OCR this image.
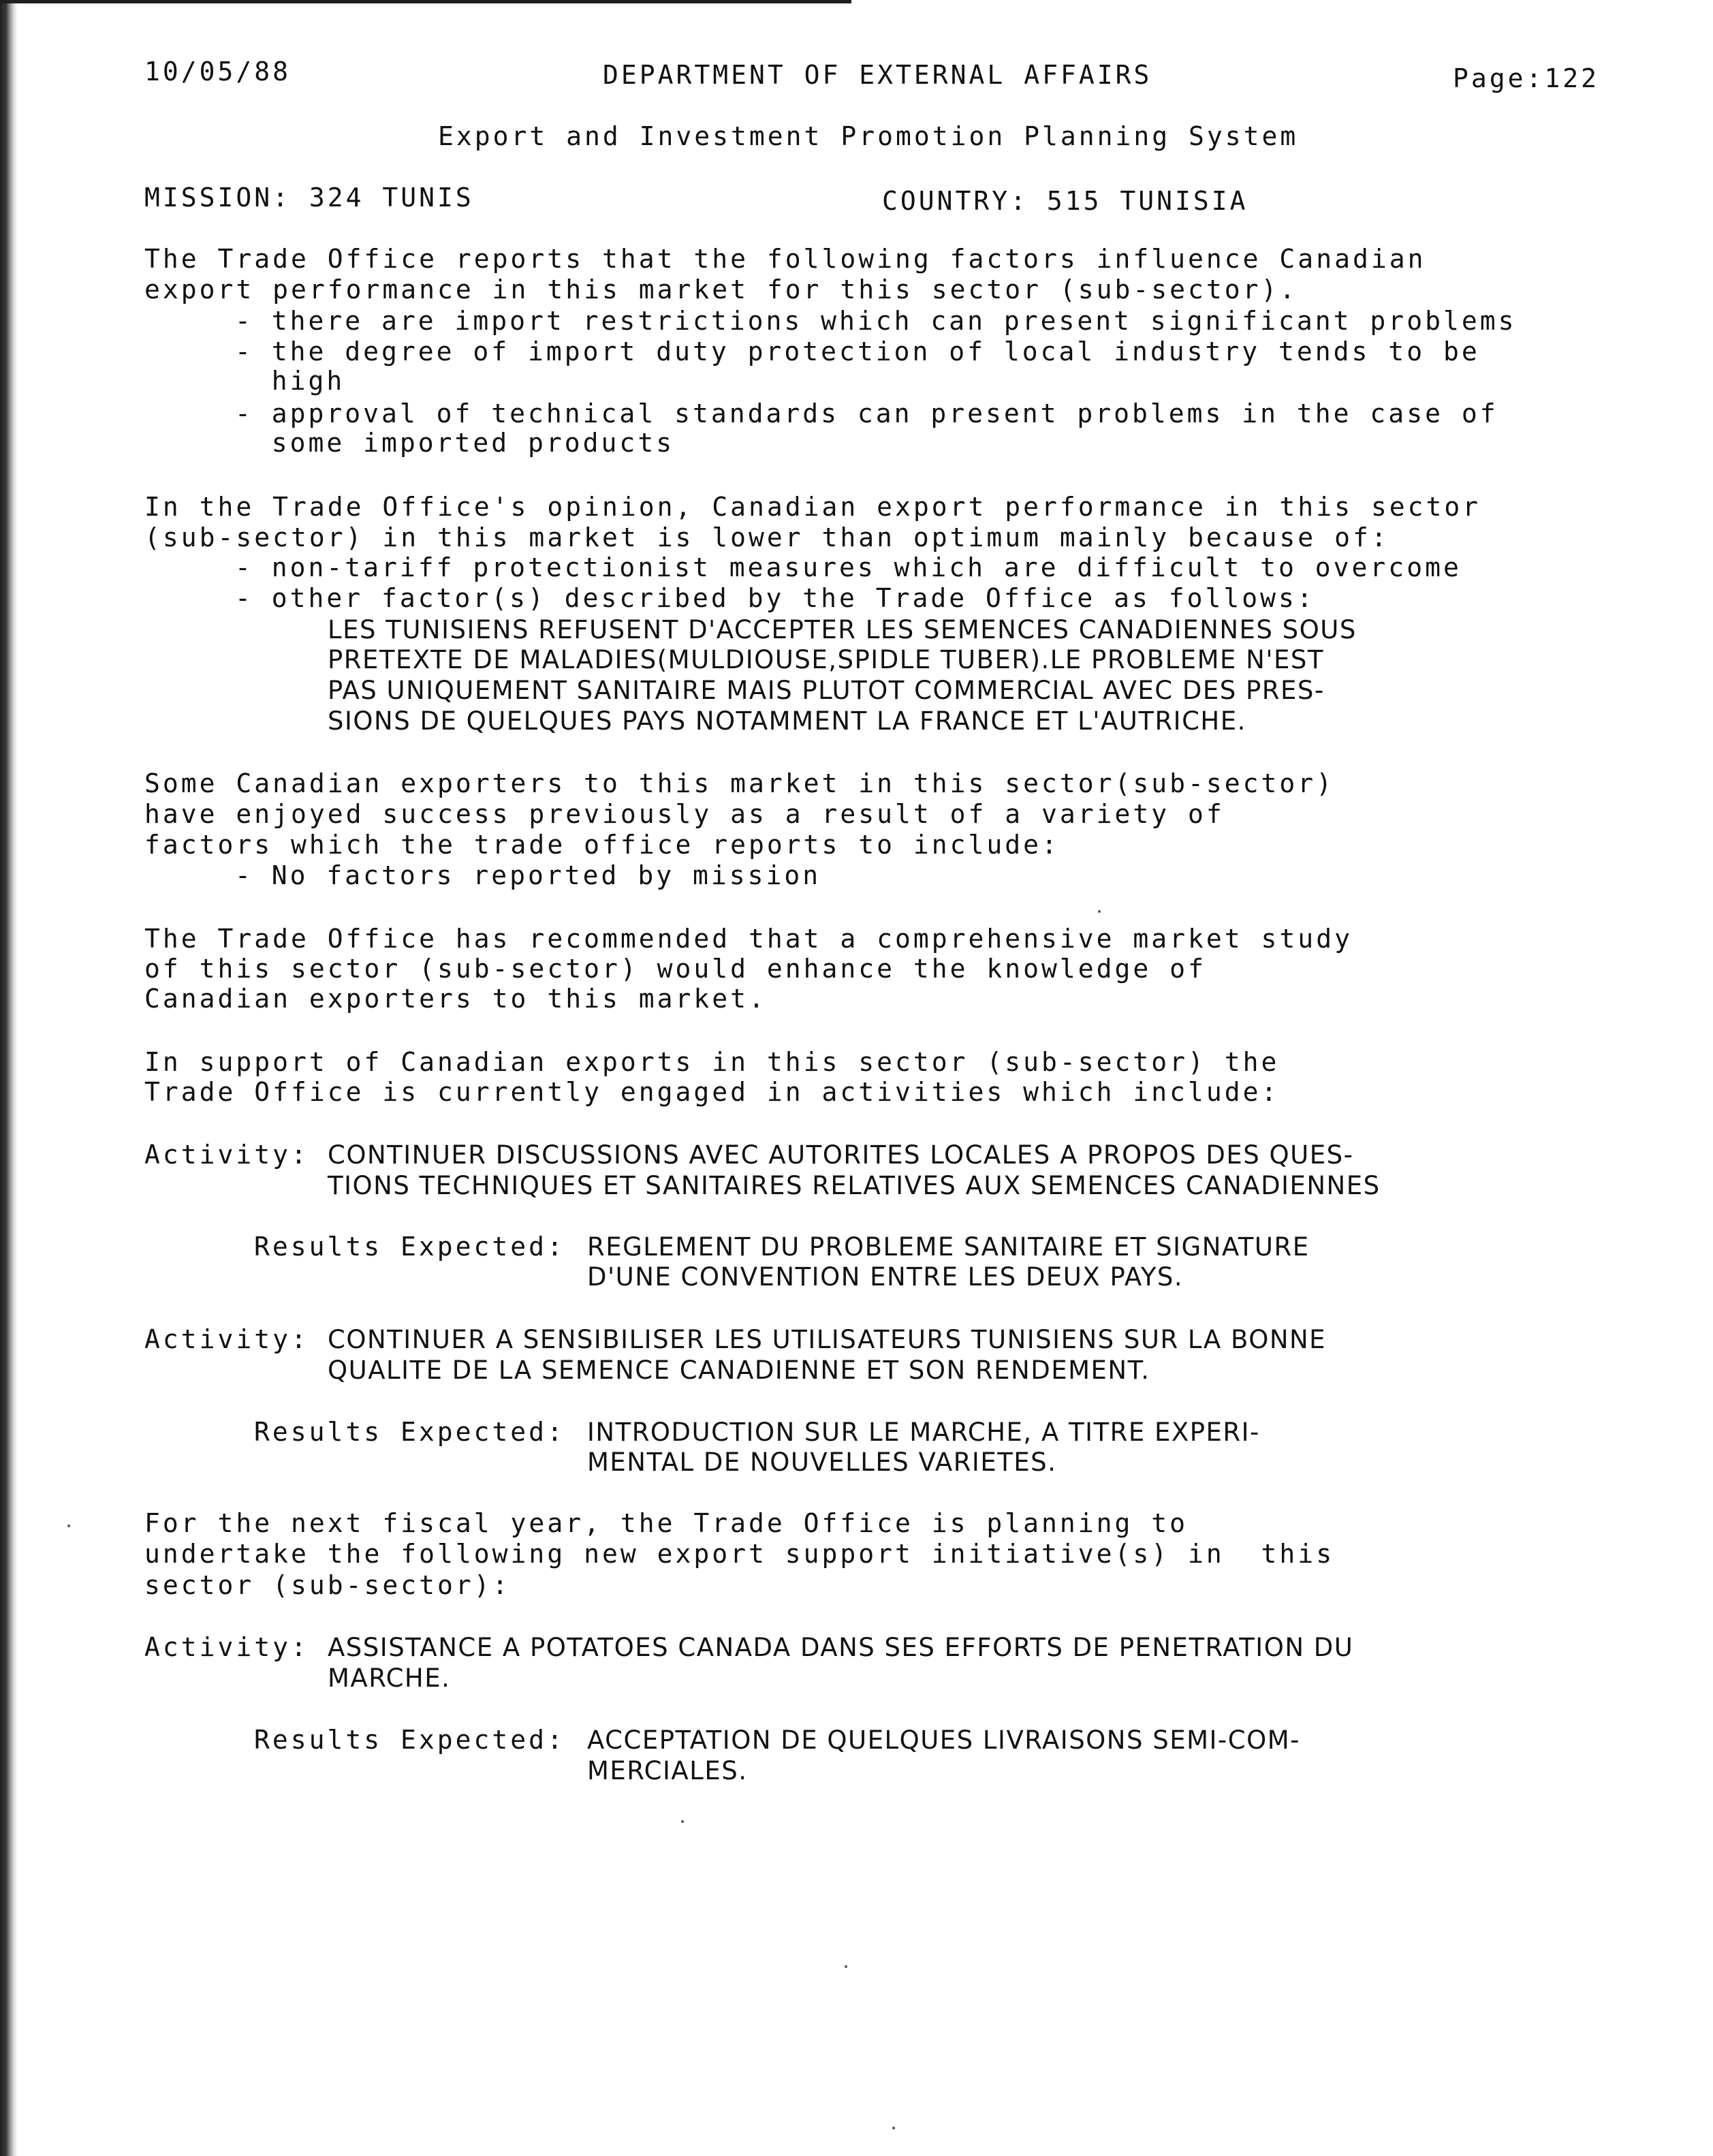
10/05/88	DEPARTMENT OF EXTERNAL AFFAIRS	Page:122
Export and Investment Promotion Planning System
MISSION: 324 TUNIS	COUNTRY: 515 TUNISIA
The Trade Office reports that the following factors influence Canadian
export performance in this market for this sector (sub-sector).
- there are import restrictions which can present significant problems
- the degree of import duty protection of local industry tends to be
high
- approval of technical standards can present problems in the case of
some imported products
In the Trade Office's opinion, Canadian export performance in this sector
(sub-sector) in this market is lower than optimum mainly because of:
- non-tariff protectionist measures which are difficult to overcome
- other factor(s) described by the Trade Office as follows:
LES TUNISIENS REFUSENT D'ACCEPTER LES SEMENCES CANADIENNES SOUS
PRETEXTE DE MALADIES(MULDIOUSE,SPIDLE TUBER).LE PROBLEME N'EST
PAS UNIQUEMENT SANITAIRE MAIS PLUTOT COMMERCIAL AVEC DES PRES-
SIONS DE QUELQUES PAYS NOTAMMENT LA FRANCE ET L'AUTRICHE.
Some Canadian exporters to this market in this sector(sub-sector)
have enjoyed success previously as a result of a variety of
factors which the trade office reports to include:
- No factors reported by mission
The Trade Office has recommended that a comprehensive market study
of this sector (sub-sector) would enhance the knowledge of
Canadian exporters to this market.
In support of Canadian exports in this sector (sub-sector) the
Trade Office is currently engaged in activities which include:
Activity: CONTINUER DISCUSSIONS AVEC AUTORITES LOCALES A PROPOS DES QUES-
TIONS TECHNIQUES ET SANITAIRES RELATIVES AUX SEMENCES CANADIENNES
Results Expected: REGLEMENT DU PROBLEME SANITAIRE ET SIGNATURE
D'UNE CONVENTION ENTRE LES DEUX PAYS.
Activity: CONTINUER A SENSIBILISER LES UTILISATEURS TUNISIENS SUR LA BONNE
QUALITE DE LA SEMENCE CANADIENNE ET SON RENDEMENT.
Results Expected: INTRODUCTION SUR LE MARCHE, A TITRE EXPERI-
MENTAL DE NOUVELLES VARIETES.
For the next fiscal year, the Trade Office is planning to
undertake the following new export support initiative(s) in  this
sector (sub-sector):
Activity: ASSISTANCE A POTATOES CANADA DANS SES EFFORTS DE PENETRATION DU
MARCHE.
Results Expected: ACCEPTATION DE QUELQUES LIVRAISONS SEMI-COM-
MERCIALES.
